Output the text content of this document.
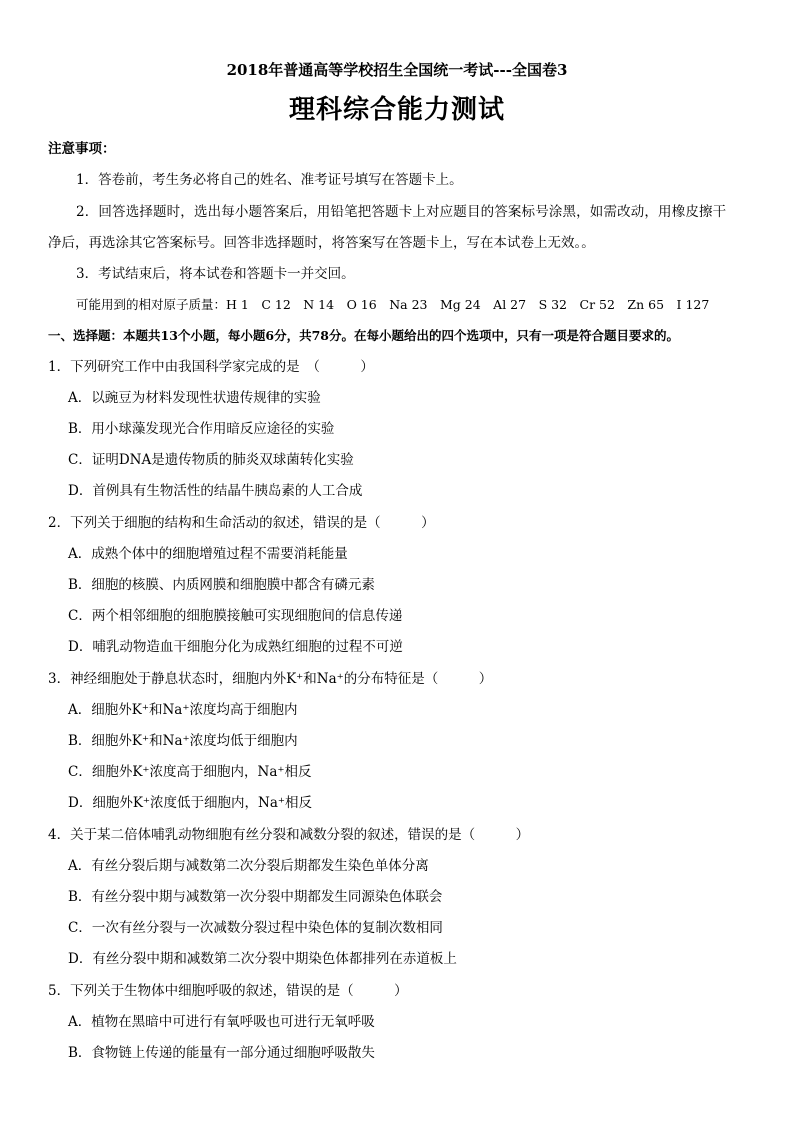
2018年普通高等学校招生全国统一考试---全国卷3
理科综合能力测试
注意事项：
1．答卷前，考生务必将自己的姓名、准考证号填写在答题卡上。
2．回答选择题时，选出每小题答案后，用铅笔把答题卡上对应题目的答案标号涂黑，如需改动，用橡皮擦干
净后，再选涂其它答案标号。回答非选择题时，将答案写在答题卡上，写在本试卷上无效。。
3．考试结束后，将本试卷和答题卡一并交回。
可能用到的相对原子质量：H 1　C 12　N 14　O 16　Na 23　Mg 24　Al 27　S 32　Cr 52　Zn 65　I 127
一、选择题：本题共13个小题，每小题6分，共78分。在每小题给出的四个选项中，只有一项是符合题目要求的。
1．下列研究工作中由我国科学家完成的是　（　　　）
A．以豌豆为材料发现性状遗传规律的实验
B．用小球藻发现光合作用暗反应途径的实验
C．证明DNA是遗传物质的肺炎双球菌转化实验
D．首例具有生物活性的结晶牛胰岛素的人工合成
2．下列关于细胞的结构和生命活动的叙述，错误的是（　　　）
A．成熟个体中的细胞增殖过程不需要消耗能量
B．细胞的核膜、内质网膜和细胞膜中都含有磷元素
C．两个相邻细胞的细胞膜接触可实现细胞间的信息传递
D．哺乳动物造血干细胞分化为成熟红细胞的过程不可逆
3．神经细胞处于静息状态时，细胞内外K⁺和Na⁺的分布特征是（　　　）
A．细胞外K⁺和Na⁺浓度均高于细胞内
B．细胞外K⁺和Na⁺浓度均低于细胞内
C．细胞外K⁺浓度高于细胞内，Na⁺相反
D．细胞外K⁺浓度低于细胞内，Na⁺相反
4．关于某二倍体哺乳动物细胞有丝分裂和减数分裂的叙述，错误的是（　　　）
A．有丝分裂后期与减数第二次分裂后期都发生染色单体分离
B．有丝分裂中期与减数第一次分裂中期都发生同源染色体联会
C．一次有丝分裂与一次减数分裂过程中染色体的复制次数相同
D．有丝分裂中期和减数第二次分裂中期染色体都排列在赤道板上
5．下列关于生物体中细胞呼吸的叙述，错误的是（　　　）
A．植物在黑暗中可进行有氧呼吸也可进行无氧呼吸
B．食物链上传递的能量有一部分通过细胞呼吸散失
